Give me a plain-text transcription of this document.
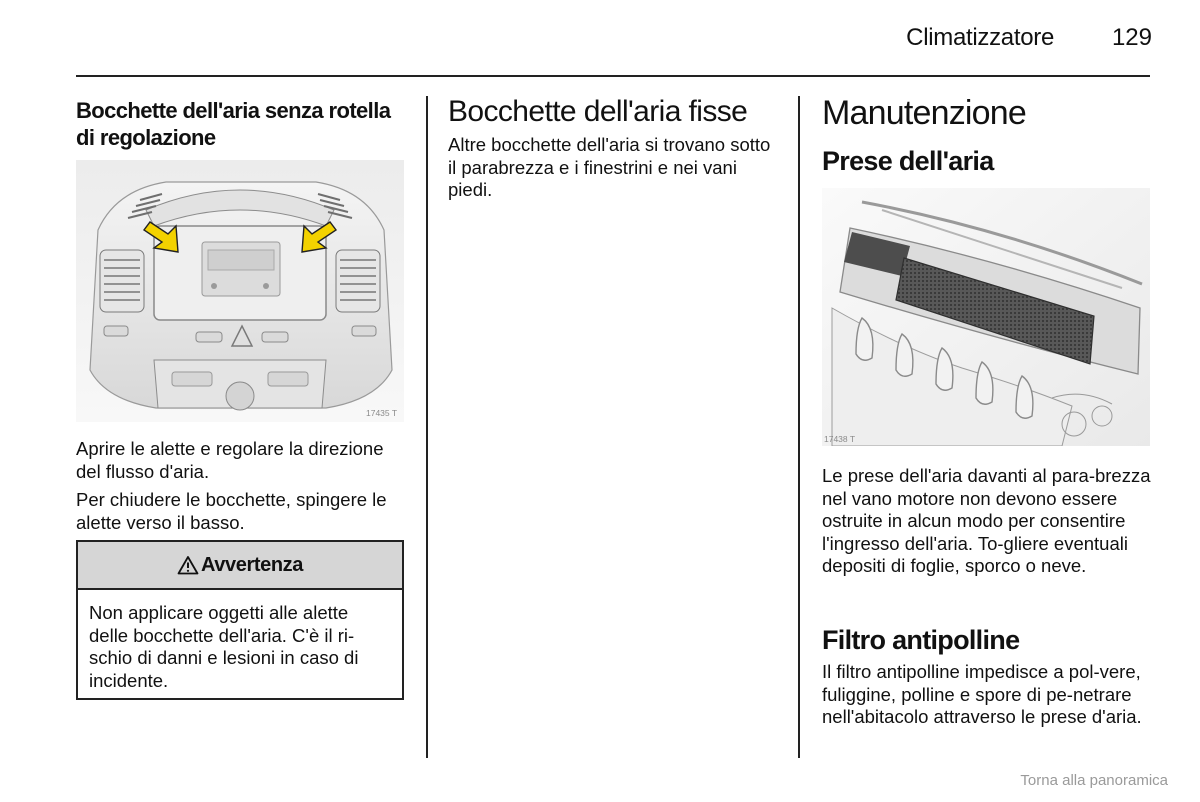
Climatizzatore	129
Bocchette dell'aria senza rotella di regolazione
17435 T
Aprire le alette e regolare la direzione del flusso d'aria.
Per chiudere le bocchette, spingere le alette verso il basso.
Avvertenza
Non applicare oggetti alle alette delle bocchette dell'aria. C'è il ri-schio di danni e lesioni in caso di incidente.
Bocchette dell'aria fisse
Altre bocchette dell'aria si trovano sotto il parabrezza e i finestrini e nei vani piedi.
Manutenzione
Prese dell'aria
17438 T
Le prese dell'aria davanti al para-brezza nel vano motore non devono essere ostruite in alcun modo per consentire l'ingresso dell'aria. To-gliere eventuali depositi di foglie, sporco o neve.
Filtro antipolline
Il filtro antipolline impedisce a pol-vere, fuliggine, polline e spore di pe-netrare nell'abitacolo attraverso le prese d'aria.
Torna alla panoramica
